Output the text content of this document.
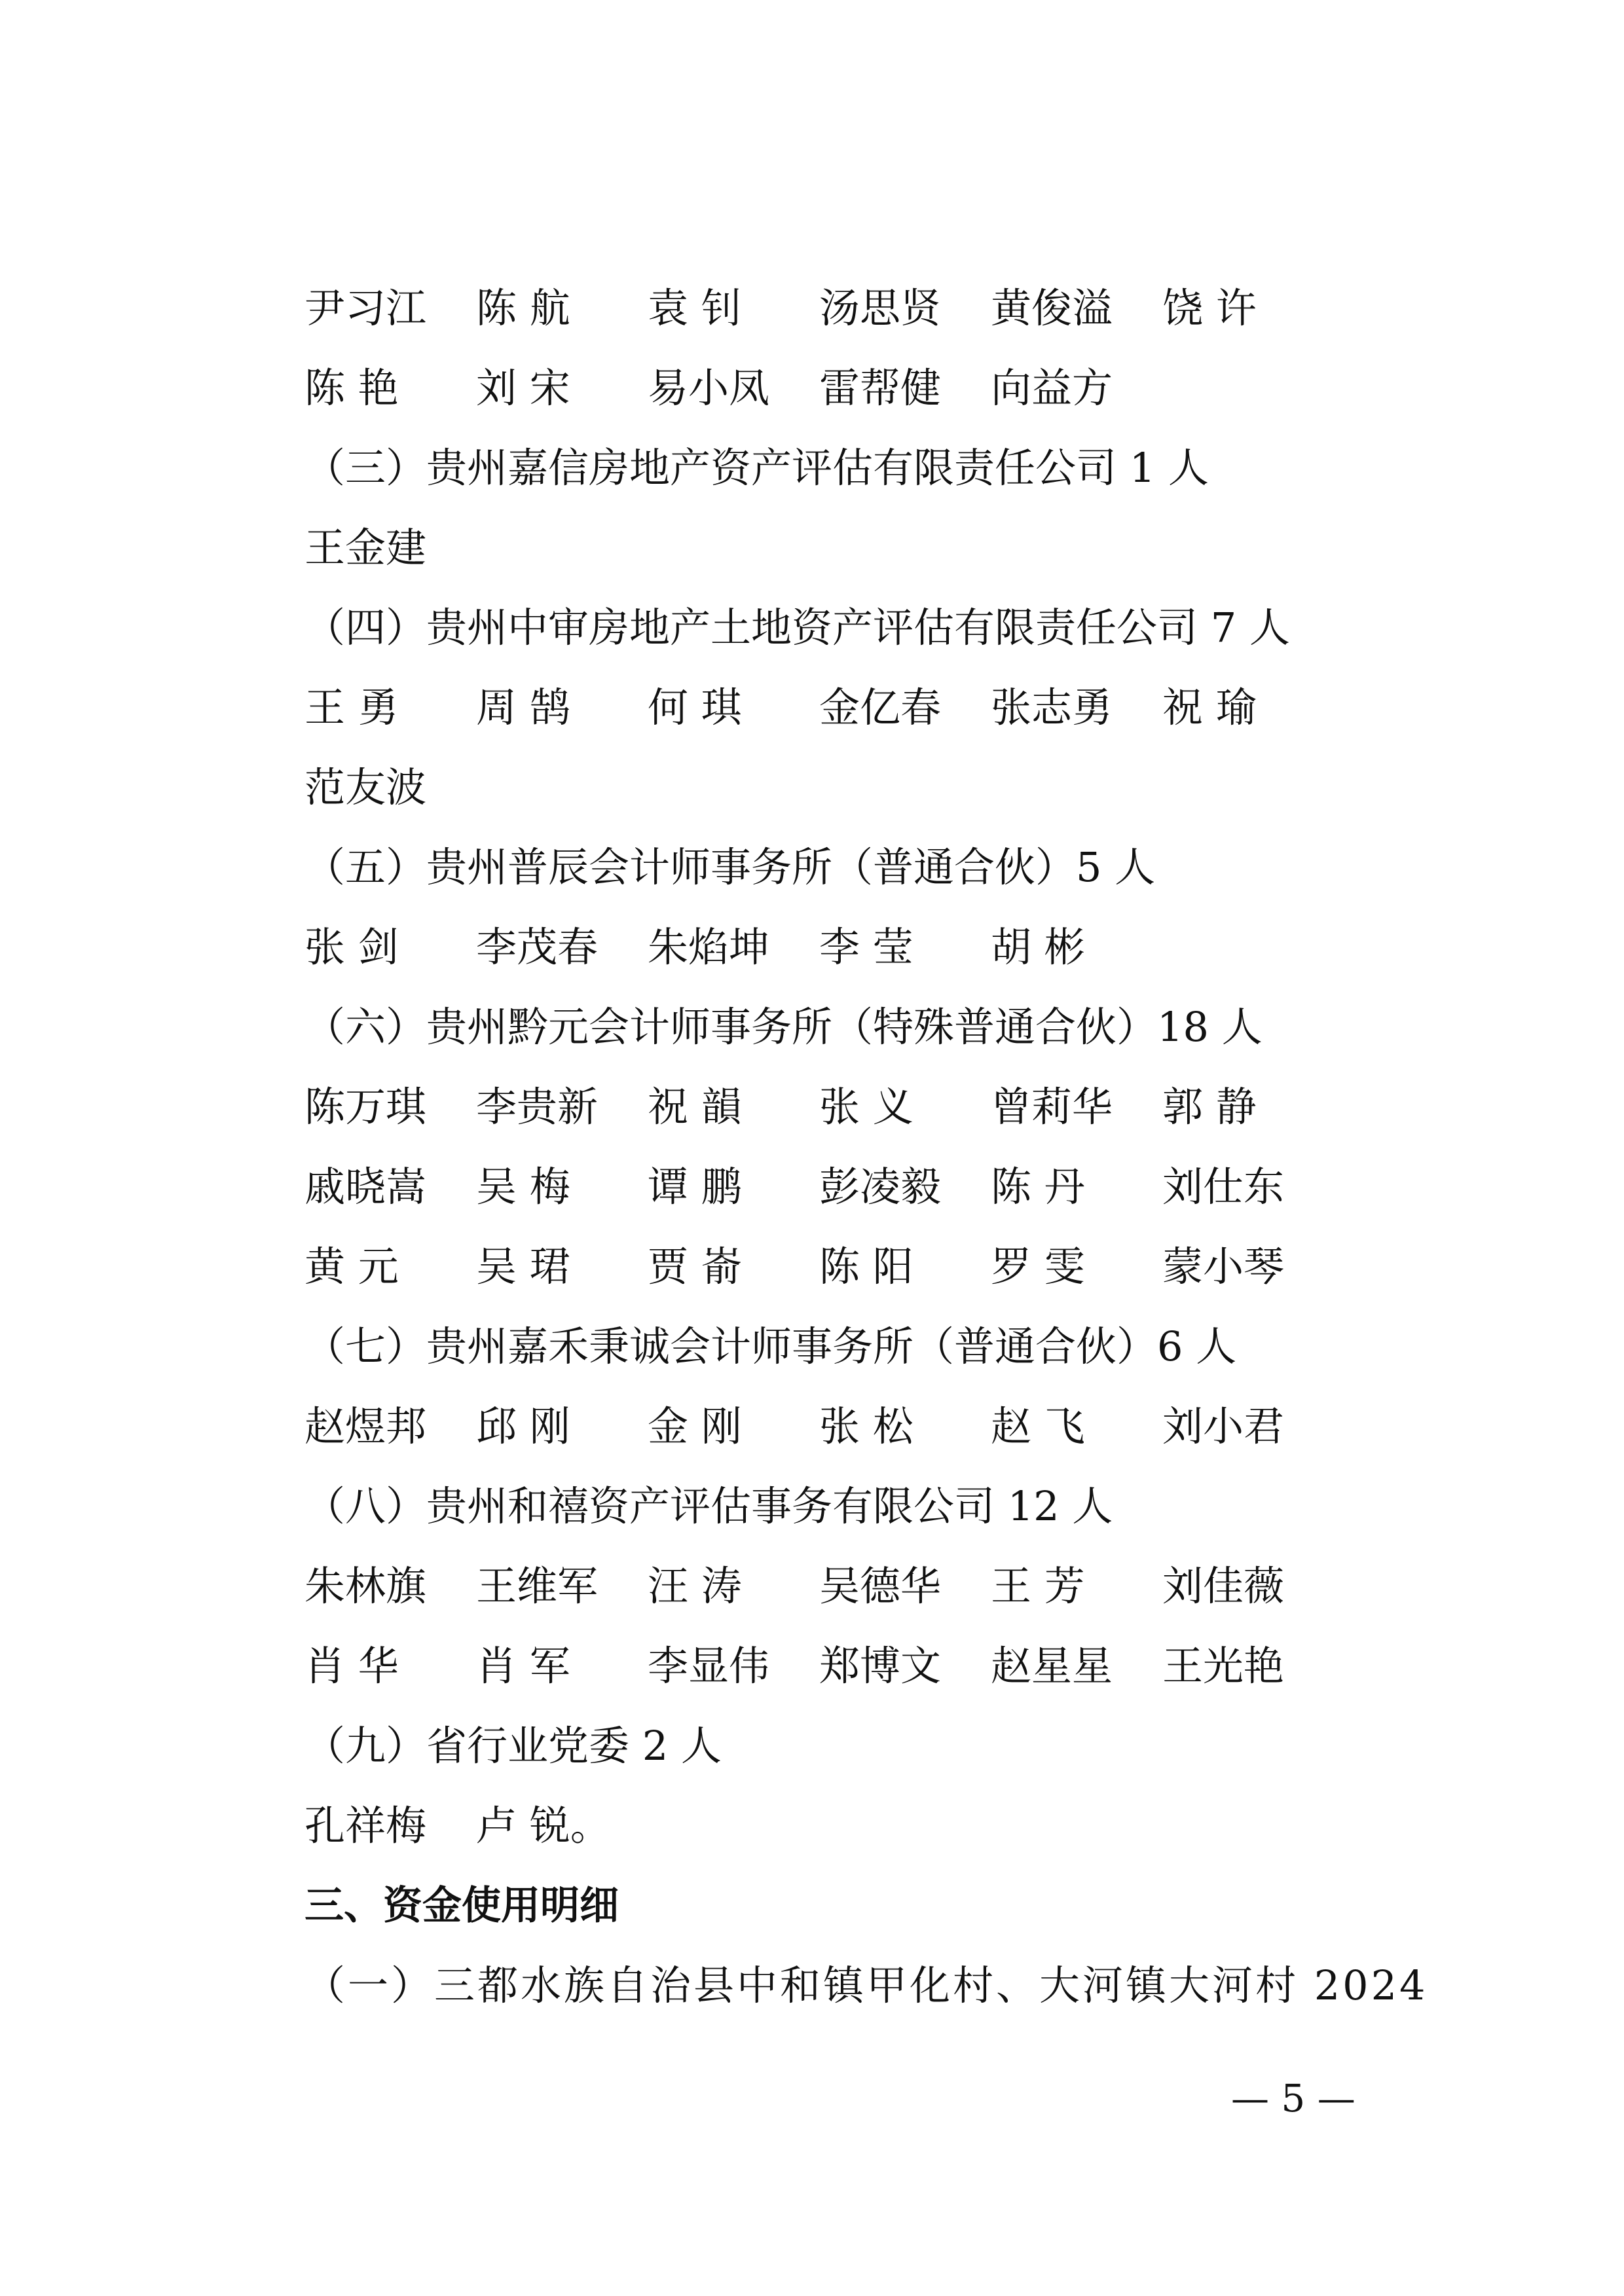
尹习江	陈 航	袁 钊	汤思贤	黄俊溢	饶 许
陈 艳	刘 宋	易小凤	雷帮健	向益方
（三）贵州嘉信房地产资产评估有限责任公司 1 人
王金建
（四）贵州中审房地产土地资产评估有限责任公司 7 人
王 勇	周 鹄	何 琪	金亿春	张志勇	祝 瑜
范友波
（五）贵州普辰会计师事务所（普通合伙）5 人
张 剑	李茂春	朱焰坤	李 莹	胡 彬
（六）贵州黔元会计师事务所（特殊普通合伙）18 人
陈万琪	李贵新	祝 韻	张 义	曾莉华	郭 静
戚晓嵩	吴 梅	谭 鹏	彭凌毅	陈 丹	刘仕东
黄 元	吴 珺	贾 嵛	陈 阳	罗 雯	蒙小琴
（七）贵州嘉禾秉诚会计师事务所（普通合伙）6 人
赵煜邦	邱 刚	金 刚	张 松	赵 飞	刘小君
（八）贵州和禧资产评估事务有限公司 12 人
朱林旗	王维军	汪 涛	吴德华	王 芳	刘佳薇
肖 华	肖 军	李显伟	郑博文	赵星星	王光艳
（九）省行业党委 2 人
孔祥梅	卢 锐。
三、资金使用明细
（一）三都水族自治县中和镇甲化村、大河镇大河村 2024
— 5 —
